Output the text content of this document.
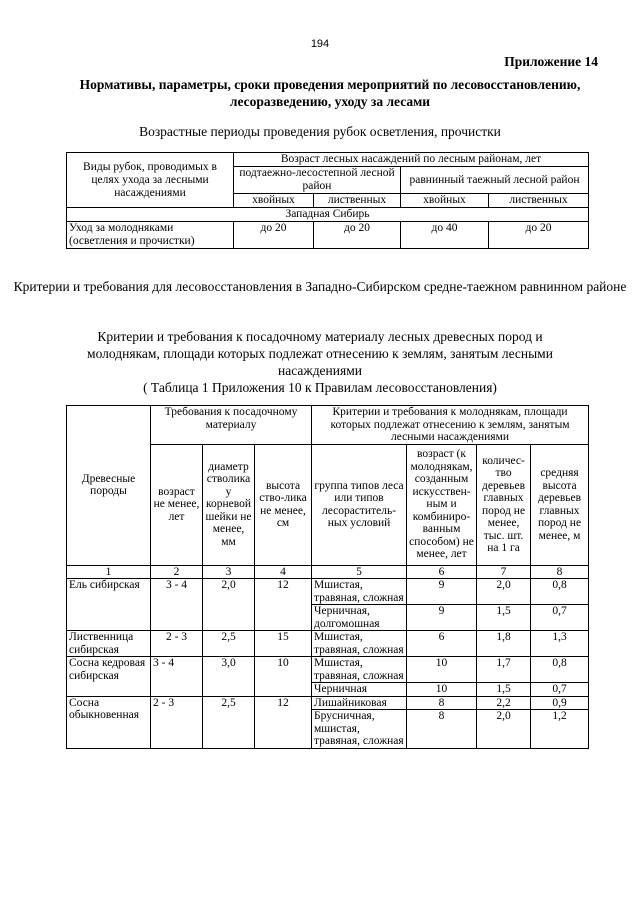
194
Приложение 14
Нормативы, параметры, сроки проведения мероприятий по лесовосстановлению, лесоразведению, уходу за лесами
Возрастные периоды проведения рубок осветления, прочистки
Виды рубок, проводимых в целях ухода за лесными насаждениями	Возраст лесных насаждений по лесным районам, лет			
	подтаежно-лесостепной лесной район		равнинный таежный лесной район	
	хвойных	лиственных	хвойных	лиственных
Западная Сибирь				
Уход за молодняками (осветления и прочистки)	до 20	до 20	до 40	до 20
Критерии и требования для лесовосстановления в Западно-Сибирском средне-таежном равнинном районе
Критерии и требования к посадочному материалу лесных древесных пород и молоднякам, площади которых подлежат отнесению к землям, занятым лесными насаждениями
( Таблица 1 Приложения 10 к Правилам лесовосстановления)
Древесные породы	Требования к посадочному материалу			Критерии и требования к молоднякам, площади которых подлежат отнесению к землям, занятым лесными насаждениями			
	возраст не менее, лет	диаметр стволика у корневой шейки не менее, мм	высота ство-лика не менее, см	группа типов леса или типов лесораститель-ных условий	возраст (к молоднякам, созданным искусствен-ным и комбиниро-ванным способом) не менее, лет	количес-тво деревьев главных пород не менее, тыс. шт. на 1 га	средняя высота деревьев главных пород не менее, м
1	2	3	4	5	6	7	8
Ель сибирская	3 - 4	2,0	12	Мшистая, травяная, сложная	9	2,0	0,8
				Черничная, долгомошная	9	1,5	0,7
Лиственница сибирская	2 - 3	2,5	15	Мшистая, травяная, сложная	6	1,8	1,3
Сосна кедровая сибирская	3 - 4	3,0	10	Мшистая, травяная, сложная	10	1,7	0,8
				Черничная	10	1,5	0,7
Сосна обыкновенная	2 - 3	2,5	12	Лишайниковая	8	2,2	0,9
				Брусничная, мшистая, травяная, сложная	8	2,0	1,2
